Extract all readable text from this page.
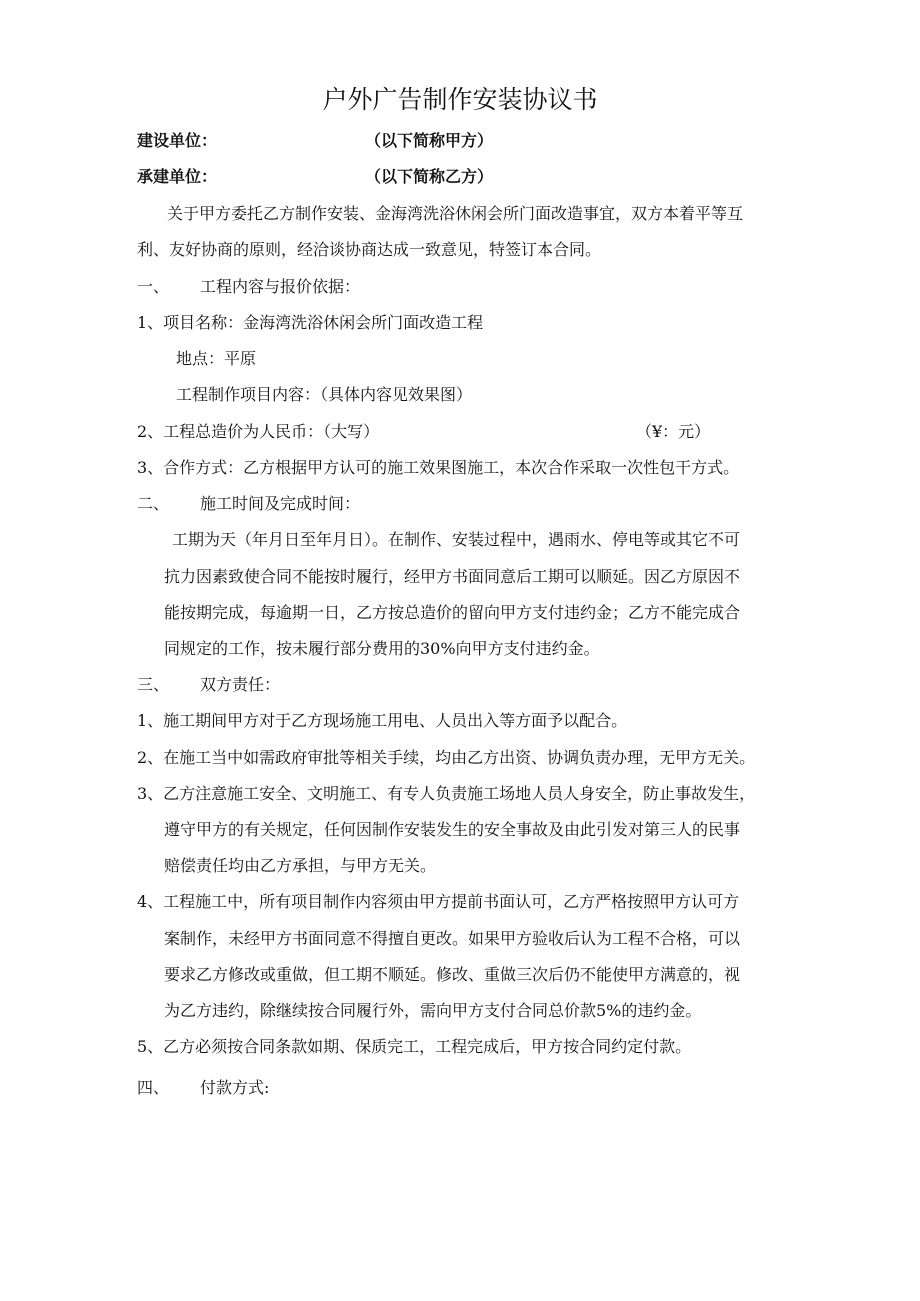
户外广告制作安装协议书
建设单位：	（以下简称甲方）
承建单位：	（以下简称乙方）
关于甲方委托乙方制作安装、金海湾洗浴休闲会所门面改造事宜，双方本着平等互
利、友好协商的原则，经洽谈协商达成一致意见，特签订本合同。
一、 工程内容与报价依据：
1、项目名称：金海湾洗浴休闲会所门面改造工程
地点：平原
工程制作项目内容：（具体内容见效果图）
2、工程总造价为人民币：（大写）	（¥：元）
3、合作方式：乙方根据甲方认可的施工效果图施工，本次合作采取一次性包干方式。
二、 施工时间及完成时间：
工期为天（年月日至年月日）。在制作、安装过程中，遇雨水、停电等或其它不可
抗力因素致使合同不能按时履行，经甲方书面同意后工期可以顺延。因乙方原因不
能按期完成，每逾期一日，乙方按总造价的留向甲方支付违约金；乙方不能完成合
同规定的工作，按未履行部分费用的30%向甲方支付违约金。
三、 双方责任：
1、施工期间甲方对于乙方现场施工用电、人员出入等方面予以配合。
2、在施工当中如需政府审批等相关手续，均由乙方出资、协调负责办理，无甲方无关。
3、乙方注意施工安全、文明施工、有专人负责施工场地人员人身安全，防止事故发生，
遵守甲方的有关规定，任何因制作安装发生的安全事故及由此引发对第三人的民事
赔偿责任均由乙方承担，与甲方无关。
4、工程施工中，所有项目制作内容须由甲方提前书面认可，乙方严格按照甲方认可方
案制作，未经甲方书面同意不得擅自更改。如果甲方验收后认为工程不合格，可以
要求乙方修改或重做，但工期不顺延。修改、重做三次后仍不能使甲方满意的，视
为乙方违约，除继续按合同履行外，需向甲方支付合同总价款5%的违约金。
5、乙方必须按合同条款如期、保质完工，工程完成后，甲方按合同约定付款。
四、 付款方式:
